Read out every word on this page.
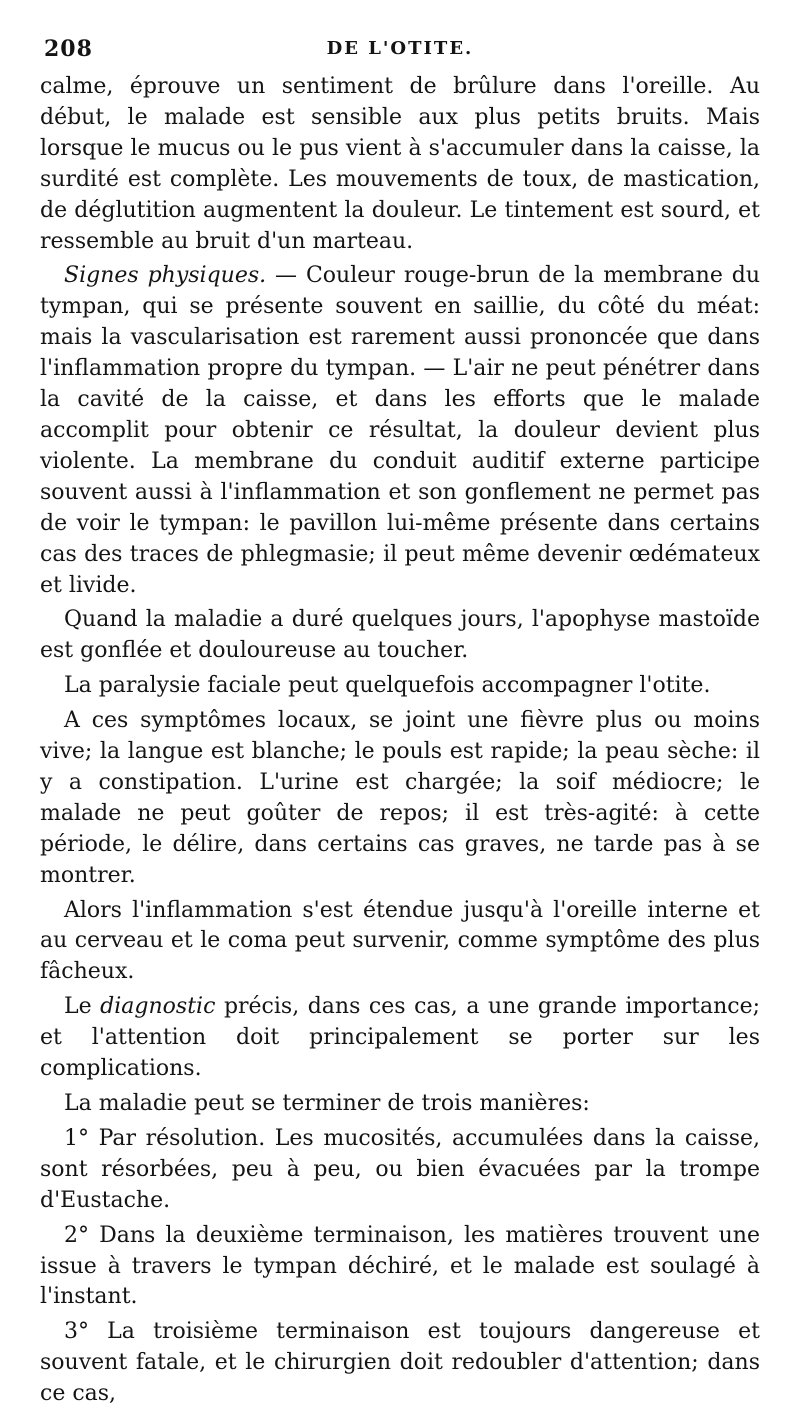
208	DE L'OTITE.

calme, éprouve un sentiment de brûlure dans l'oreille. Au début, le malade est sensible aux plus petits bruits. Mais lorsque le mucus ou le pus vient à s'accumuler dans la caisse, la surdité est complète. Les mouvements de toux, de mastication, de déglutition augmentent la douleur. Le tintement est sourd, et ressemble au bruit d'un marteau.

Signes physiques. — Couleur rouge-brun de la membrane du tympan, qui se présente souvent en saillie, du côté du méat: mais la vascularisation est rarement aussi prononcée que dans l'inflammation propre du tympan. — L'air ne peut pénétrer dans la cavité de la caisse, et dans les efforts que le malade accomplit pour obtenir ce résultat, la douleur devient plus violente. La membrane du conduit auditif externe participe souvent aussi à l'inflammation et son gonflement ne permet pas de voir le tympan: le pavillon lui-même présente dans certains cas des traces de phlegmasie; il peut même devenir œdémateux et livide.

Quand la maladie a duré quelques jours, l'apophyse mastoïde est gonflée et douloureuse au toucher.

La paralysie faciale peut quelquefois accompagner l'otite.

A ces symptômes locaux, se joint une fièvre plus ou moins vive; la langue est blanche; le pouls est rapide; la peau sèche: il y a constipation. L'urine est chargée; la soif médiocre; le malade ne peut goûter de repos; il est très-agité: à cette période, le délire, dans certains cas graves, ne tarde pas à se montrer.

Alors l'inflammation s'est étendue jusqu'à l'oreille interne et au cerveau et le coma peut survenir, comme symptôme des plus fâcheux.

Le diagnostic précis, dans ces cas, a une grande importance; et l'attention doit principalement se porter sur les complications.

La maladie peut se terminer de trois manières:

1° Par résolution. Les mucosités, accumulées dans la caisse, sont résorbées, peu à peu, ou bien évacuées par la trompe d'Eustache.

2° Dans la deuxième terminaison, les matières trouvent une issue à travers le tympan déchiré, et le malade est soulagé à l'instant.

3° La troisième terminaison est toujours dangereuse et souvent fatale, et le chirurgien doit redoubler d'attention; dans ce cas,
